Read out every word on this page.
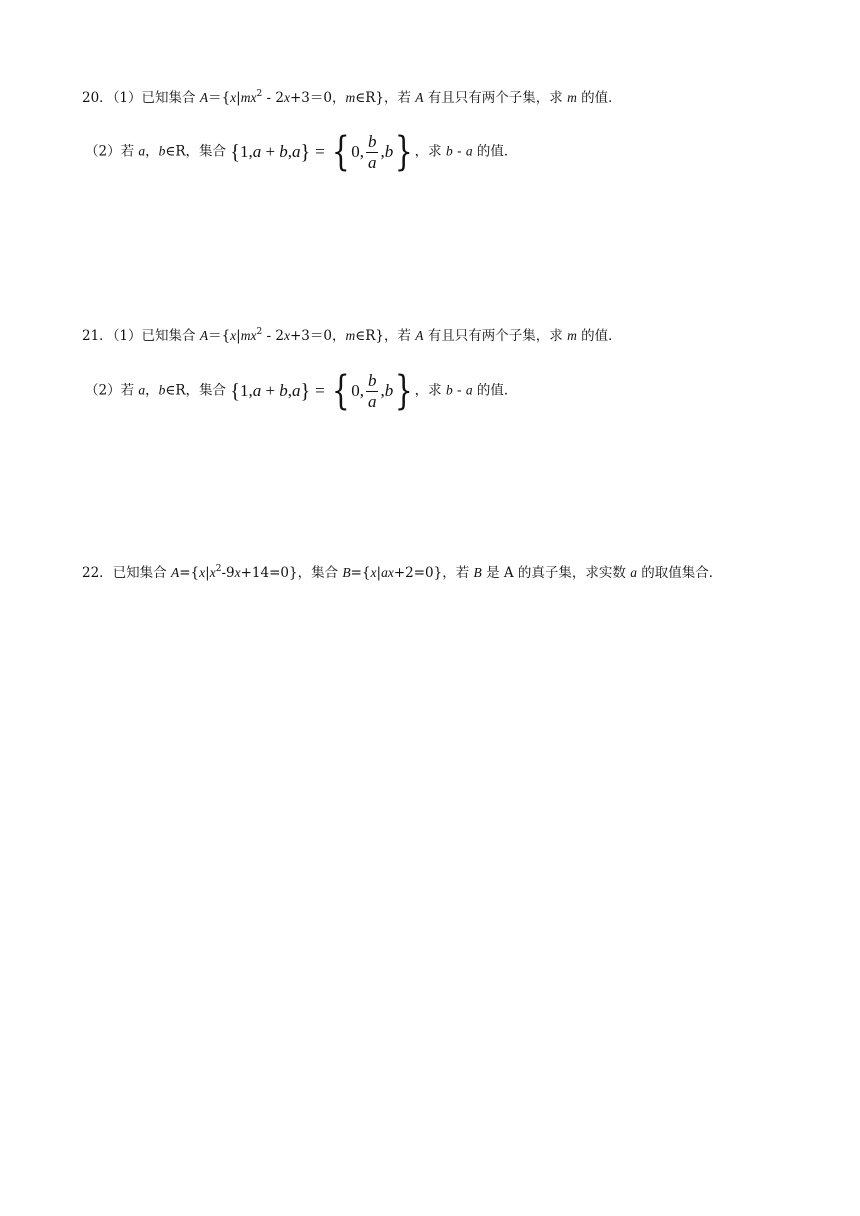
20．（1）已知集合 $A=\{x|mx^2 - 2x+3=0$，m∈R}，若 A 有且只有两个子集，求 m 的值．
（2）若 a，b∈R，集合 { 1, a + b , a } = { 0, $\frac{b}{a}$ , b } ，求 b - a 的值．
21．（1）已知集合 $A=\{x|mx^2 - 2x+3=0$，m∈R}，若 A 有且只有两个子集，求 m 的值．
（2）若 a，b∈R，集合 { 1, a + b , a } = { 0, $\frac{b}{a}$ , b } ，求 b - a 的值．
22．已知集合 $A=\{x|x^2-9x+14=0\}$，集合 B={x|ax+2=0}，若 B 是 A 的真子集，求实数 a 的取值集合．
